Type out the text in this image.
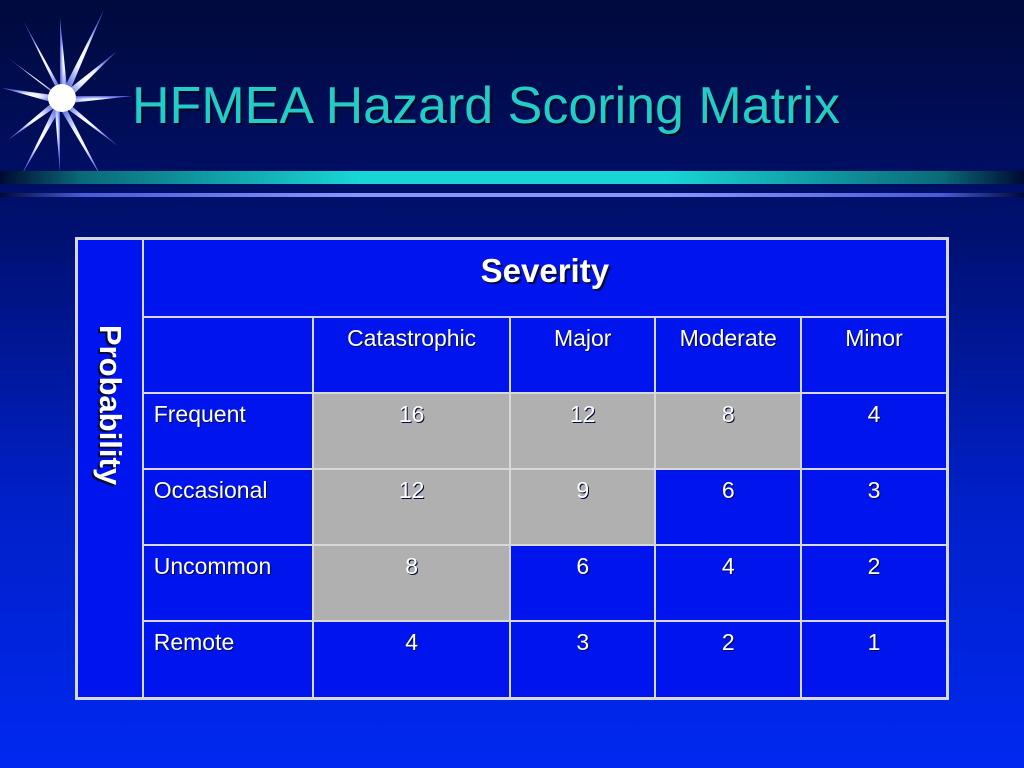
HFMEA Hazard Scoring Matrix
Probability	Severity				

		Catastrophic	Major	Moderate	Minor

	Frequent	16	12	8	4

	Occasional	12	9	6	3

	Uncommon	8	6	4	2

	Remote	4	3	2	1
